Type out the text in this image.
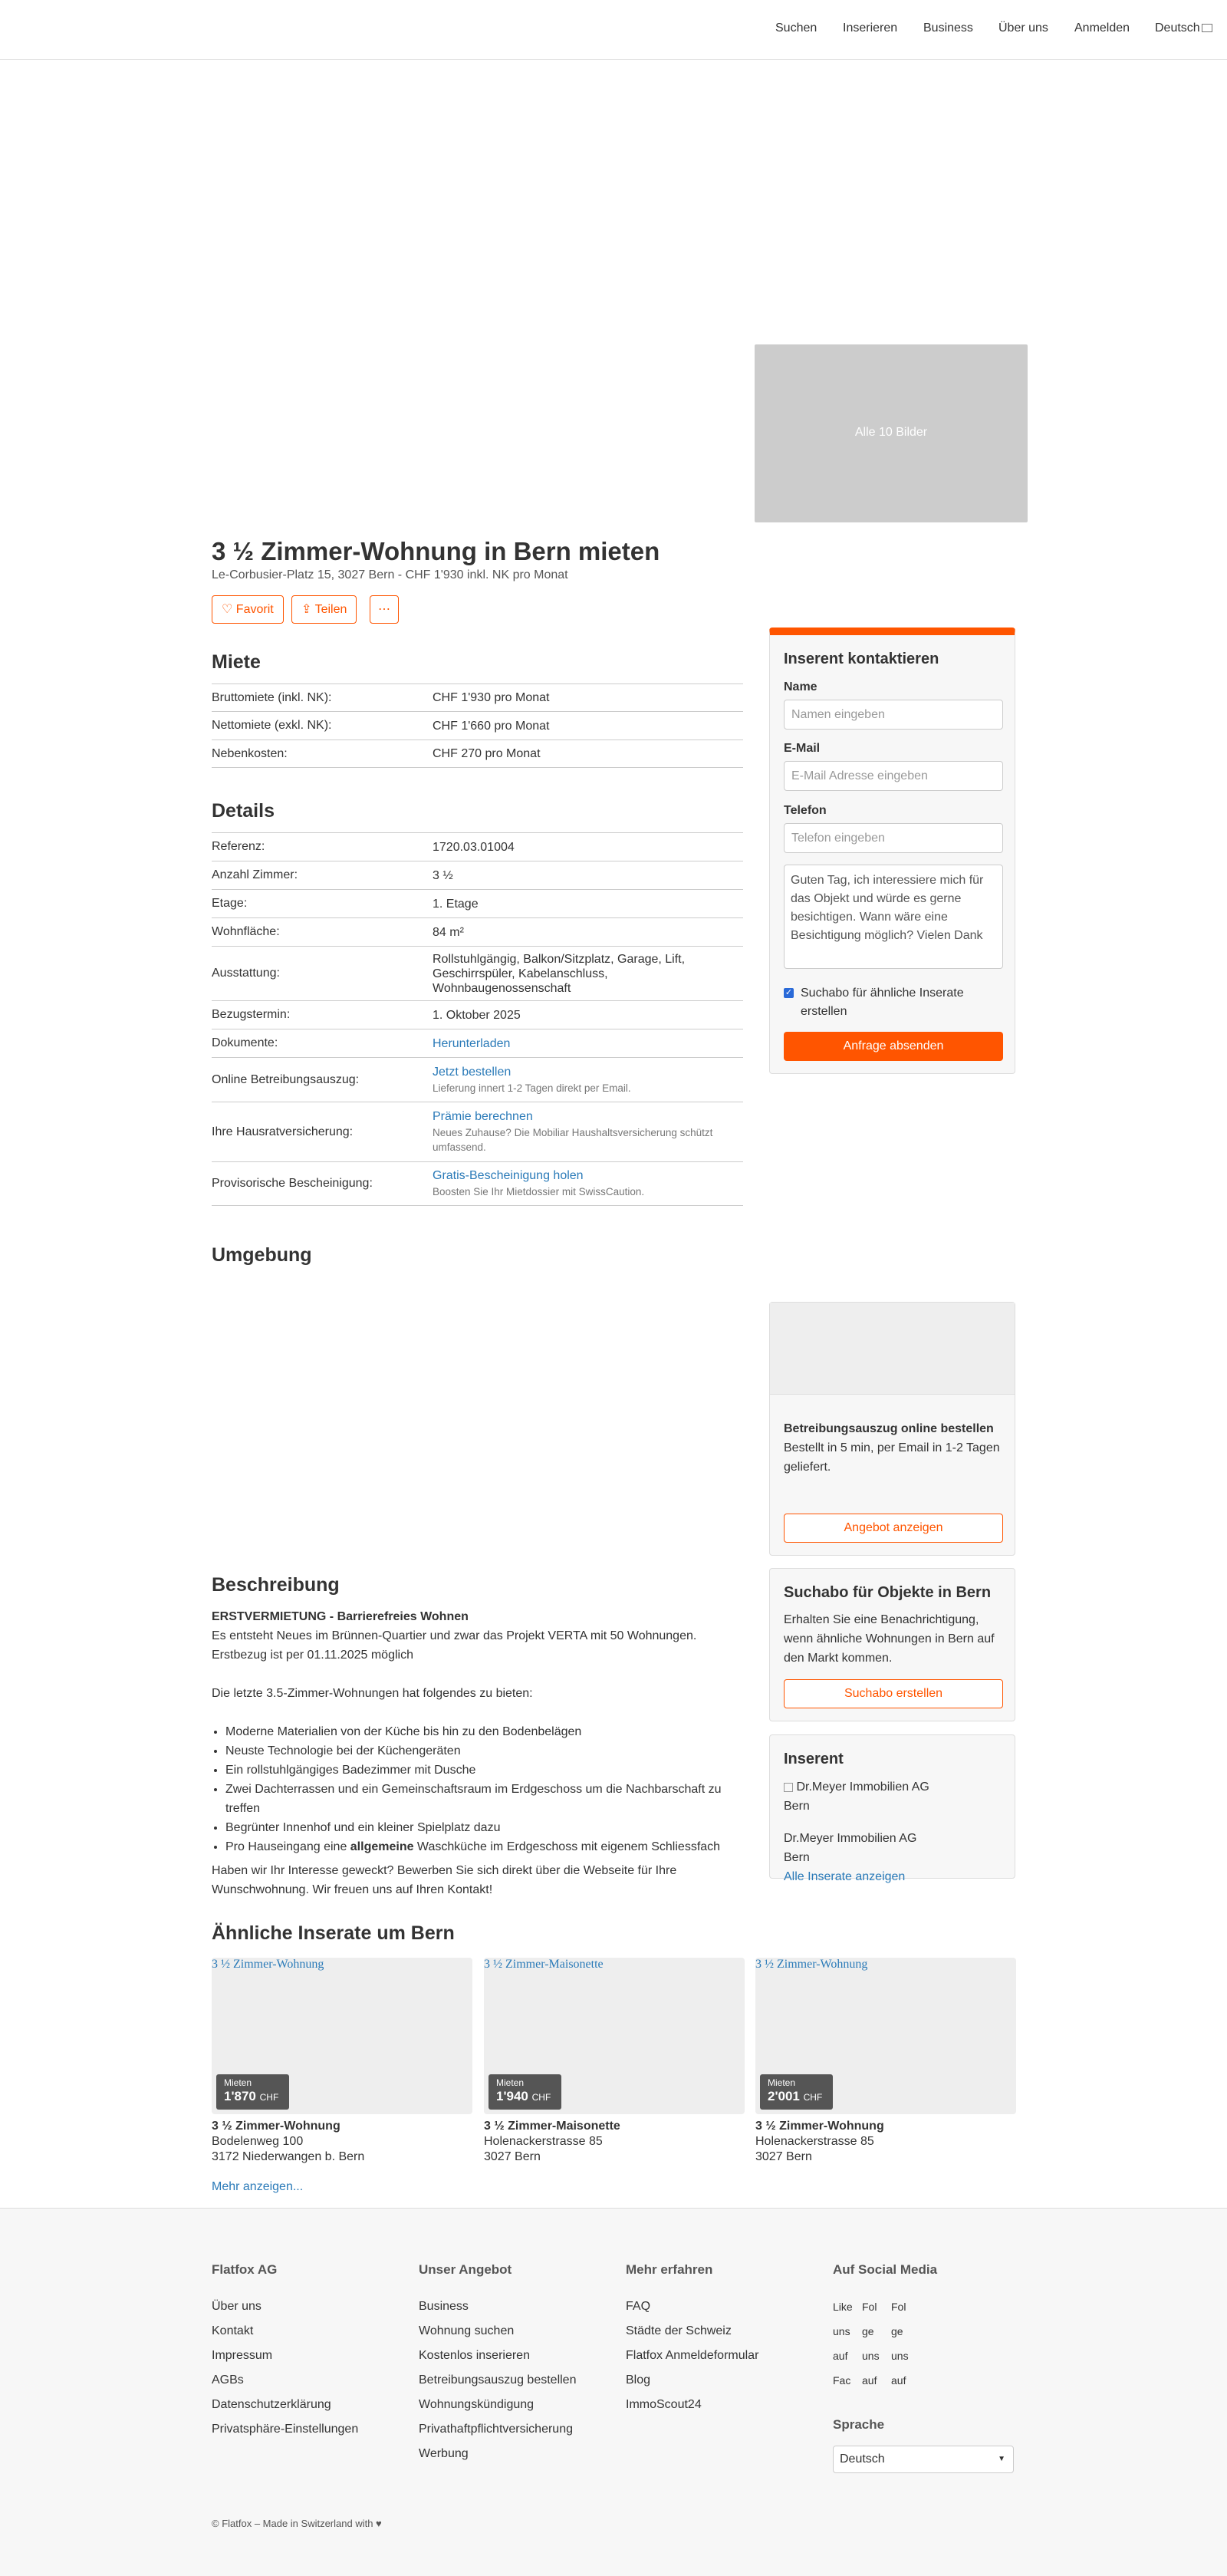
Suchen Inserieren Business Über uns Anmelden Deutsch
Alle 10 Bilder
3 ½ Zimmer-Wohnung in Bern mieten
Le-Corbusier-Platz 15, 3027 Bern - CHF 1'930 inkl. NK pro Monat
♡ Favorit	⇪ Teilen	⋯
Miete
Bruttomiete (inkl. NK):	CHF 1'930 pro Monat
Nettomiete (exkl. NK):	CHF 1'660 pro Monat
Nebenkosten:	CHF 270 pro Monat
Details
Referenz:	1720.03.01004
Anzahl Zimmer:	3 ½
Etage:	1. Etage
Wohnfläche:	84 m²
Ausstattung:
Rollstuhlgängig, Balkon/Sitzplatz, Garage, Lift, Geschirrspüler, Kabelanschluss, Wohnbaugenossenschaft
Bezugstermin:	1. Oktober 2025
Dokumente:	Herunterladen
Online Betreibungsauszug:
Jetzt bestellen
Lieferung innert 1-2 Tagen direkt per Email.
Ihre Hausratversicherung:
Prämie berechnen
Neues Zuhause? Die Mobiliar Haushaltsversicherung schützt umfassend.
Provisorische Bescheinigung:
Gratis-Bescheinigung holen
Boosten Sie Ihr Mietdossier mit SwissCaution.
Umgebung
Beschreibung
ERSTVERMIETUNG - Barrierefreies Wohnen
Es entsteht Neues im Brünnen-Quartier und zwar das Projekt VERTA mit 50 Wohnungen.
Erstbezug ist per 01.11.2025 möglich
Die letzte 3.5-Zimmer-Wohnungen hat folgendes zu bieten:
• Moderne Materialien von der Küche bis hin zu den Bodenbelägen
• Neuste Technologie bei der Küchengeräten
• Ein rollstuhlgängiges Badezimmer mit Dusche
• Zwei Dachterrassen und ein Gemeinschaftsraum im Erdgeschoss um die Nachbarschaft zu treffen
• Begrünter Innenhof und ein kleiner Spielplatz dazu
• Pro Hauseingang eine allgemeine Waschküche im Erdgeschoss mit eigenem Schliessfach
Haben wir Ihr Interesse geweckt? Bewerben Sie sich direkt über die Webseite für Ihre Wunschwohnung. Wir freuen uns auf Ihren Kontakt!
Inserent kontaktieren
Name
Namen eingeben
E-Mail
E-Mail Adresse eingeben
Telefon
Telefon eingeben
Guten Tag, ich interessiere mich für das Objekt und würde es gerne besichtigen. Wann wäre eine Besichtigung möglich? Vielen Dank
✓ Suchabo für ähnliche Inserate erstellen
Anfrage absenden
Betreibungsauszug online bestellen
Bestellt in 5 min, per Email in 1-2 Tagen geliefert.
Angebot anzeigen
Suchabo für Objekte in Bern
Erhalten Sie eine Benachrichtigung, wenn ähnliche Wohnungen in Bern auf den Markt kommen.
Suchabo erstellen
Inserent
Dr.Meyer Immobilien AG
Bern
Dr.Meyer Immobilien AG
Bern
Alle Inserate anzeigen
Ähnliche Inserate um Bern
3 ½ Zimmer-Wohnung
Mieten
1'870 CHF
3 ½ Zimmer-Wohnung
Bodelenweg 100
3172 Niederwangen b. Bern
3 ½ Zimmer-Maisonette
Mieten
1'940 CHF
3 ½ Zimmer-Maisonette
Holenackerstrasse 85
3027 Bern
3 ½ Zimmer-Wohnung
Mieten
2'001 CHF
3 ½ Zimmer-Wohnung
Holenackerstrasse 85
3027 Bern
Mehr anzeigen...
Flatfox AG
Über uns
Kontakt
Impressum
AGBs
Datenschutzerklärung
Privatsphäre-Einstellungen
Unser Angebot
Business
Wohnung suchen
Kostenlos inserieren
Betreibungsauszug bestellen
Wohnungskündigung
Privathaftpflichtversicherung
Werbung
Mehr erfahren
FAQ
Städte der Schweiz
Flatfox Anmeldeformular
Blog
ImmoScout24
Auf Social Media
Like uns auf FacFolge uns aufFolge uns auf
Sprache
Deutsch	▼
© Flatfox – Made in Switzerland with ♥
